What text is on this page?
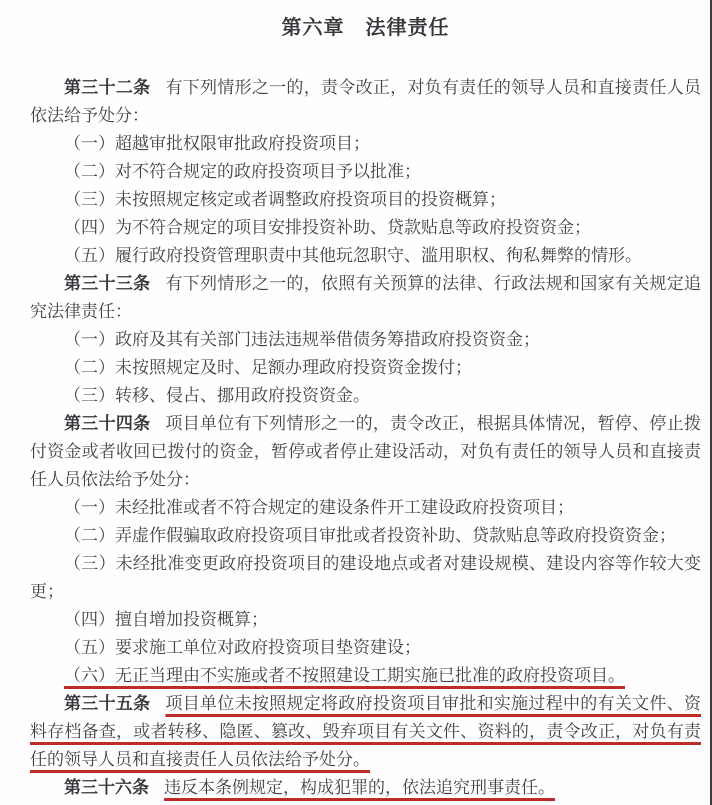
第六章　法律责任

第三十二条 有下列情形之一的，责令改正，对负有责任的领导人员和直接责任人员依法给予处分：

（一）超越审批权限审批政府投资项目；

（二）对不符合规定的政府投资项目予以批准；

（三）未按照规定核定或者调整政府投资项目的投资概算；

（四）为不符合规定的项目安排投资补助、贷款贴息等政府投资资金；

（五）履行政府投资管理职责中其他玩忽职守、滥用职权、徇私舞弊的情形。

第三十三条 有下列情形之一的，依照有关预算的法律、行政法规和国家有关规定追究法律责任：

（一）政府及其有关部门违法违规举借债务筹措政府投资资金；

（二）未按照规定及时、足额办理政府投资资金拨付；

（三）转移、侵占、挪用政府投资资金。

第三十四条 项目单位有下列情形之一的，责令改正，根据具体情况，暂停、停止拨付资金或者收回已拨付的资金，暂停或者停止建设活动，对负有责任的领导人员和直接责任人员依法给予处分：

（一）未经批准或者不符合规定的建设条件开工建设政府投资项目；

（二）弄虚作假骗取政府投资项目审批或者投资补助、贷款贴息等政府投资资金；

（三）未经批准变更政府投资项目的建设地点或者对建设规模、建设内容等作较大变更；

（四）擅自增加投资概算；

（五）要求施工单位对政府投资项目垫资建设；

（六）无正当理由不实施或者不按照建设工期实施已批准的政府投资项目。

第三十五条 项目单位未按照规定将政府投资项目审批和实施过程中的有关文件、资料存档备查，或者转移、隐匿、篡改、毁弃项目有关文件、资料的，责令改正，对负有责任的领导人员和直接责任人员依法给予处分。

第三十六条 违反本条例规定，构成犯罪的，依法追究刑事责任。
